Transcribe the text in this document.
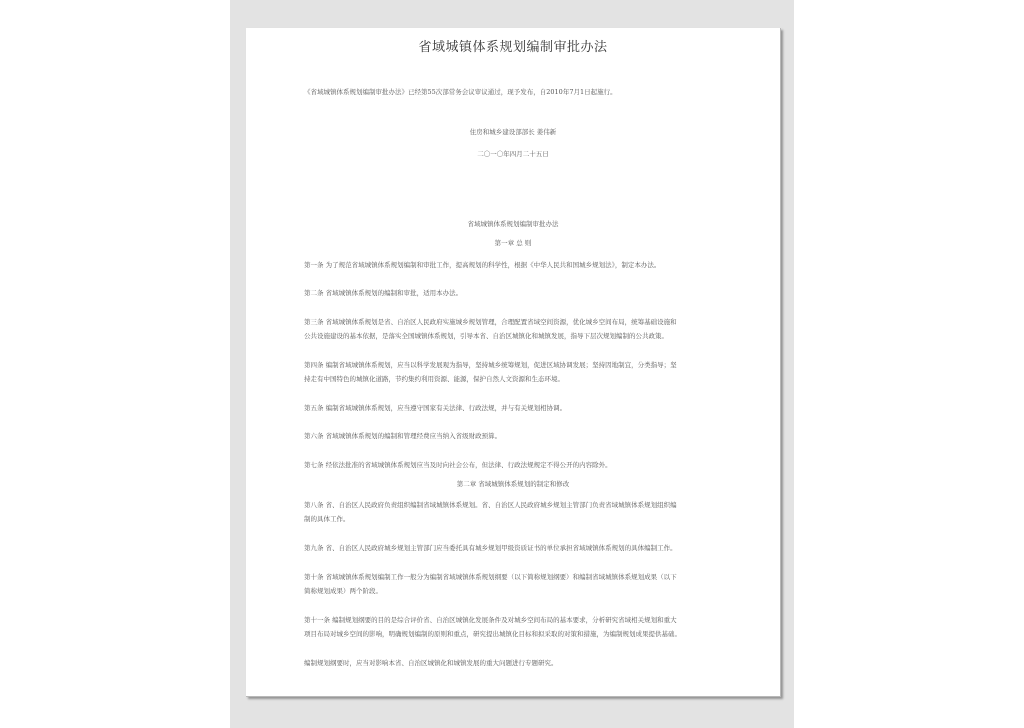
省域城镇体系规划编制审批办法
《省域城镇体系规划编制审批办法》已经第55次部常务会议审议通过，现予发布，自2010年7月1日起施行。
住房和城乡建设部部长 姜伟新
二〇一〇年四月二十五日
省域城镇体系规划编制审批办法
第一章 总 则
第一条 为了规范省域城镇体系规划编制和审批工作，提高规划的科学性，根据《中华人民共和国城乡规划法》，制定本办法。
第二条 省域城镇体系规划的编制和审批，适用本办法。
第三条 省域城镇体系规划是省、自治区人民政府实施城乡规划管理，合理配置省域空间资源，优化城乡空间布局，统筹基础设施和
公共设施建设的基本依据，是落实全国城镇体系规划，引导本省、自治区城镇化和城镇发展，指导下层次规划编制的公共政策。
第四条 编制省域城镇体系规划，应当以科学发展观为指导，坚持城乡统筹规划，促进区域协调发展；坚持因地制宜，分类指导；坚
持走有中国特色的城镇化道路，节约集约利用资源、能源，保护自然人文资源和生态环境。
第五条 编制省域城镇体系规划，应当遵守国家有关法律、行政法规，并与有关规划相协调。
第六条 省域城镇体系规划的编制和管理经费应当纳入省级财政预算。
第七条 经依法批准的省域城镇体系规划应当及时向社会公布，但法律、行政法规规定不得公开的内容除外。
第二章 省域城镇体系规划的制定和修改
第八条 省、自治区人民政府负责组织编制省域城镇体系规划。省、自治区人民政府城乡规划主管部门负责省域城镇体系规划组织编
制的具体工作。
第九条 省、自治区人民政府城乡规划主管部门应当委托具有城乡规划甲级资质证书的单位承担省域城镇体系规划的具体编制工作。
第十条 省域城镇体系规划编制工作一般分为编制省域城镇体系规划纲要（以下简称规划纲要）和编制省域城镇体系规划成果（以下
简称规划成果）两个阶段。
第十一条 编制规划纲要的目的是综合评价省、自治区城镇化发展条件及对城乡空间布局的基本要求，分析研究省域相关规划和重大
项目布局对城乡空间的影响，明确规划编制的原则和重点，研究提出城镇化目标和拟采取的对策和措施，为编制规划成果提供基础。
编制规划纲要时，应当对影响本省、自治区城镇化和城镇发展的重大问题进行专题研究。
